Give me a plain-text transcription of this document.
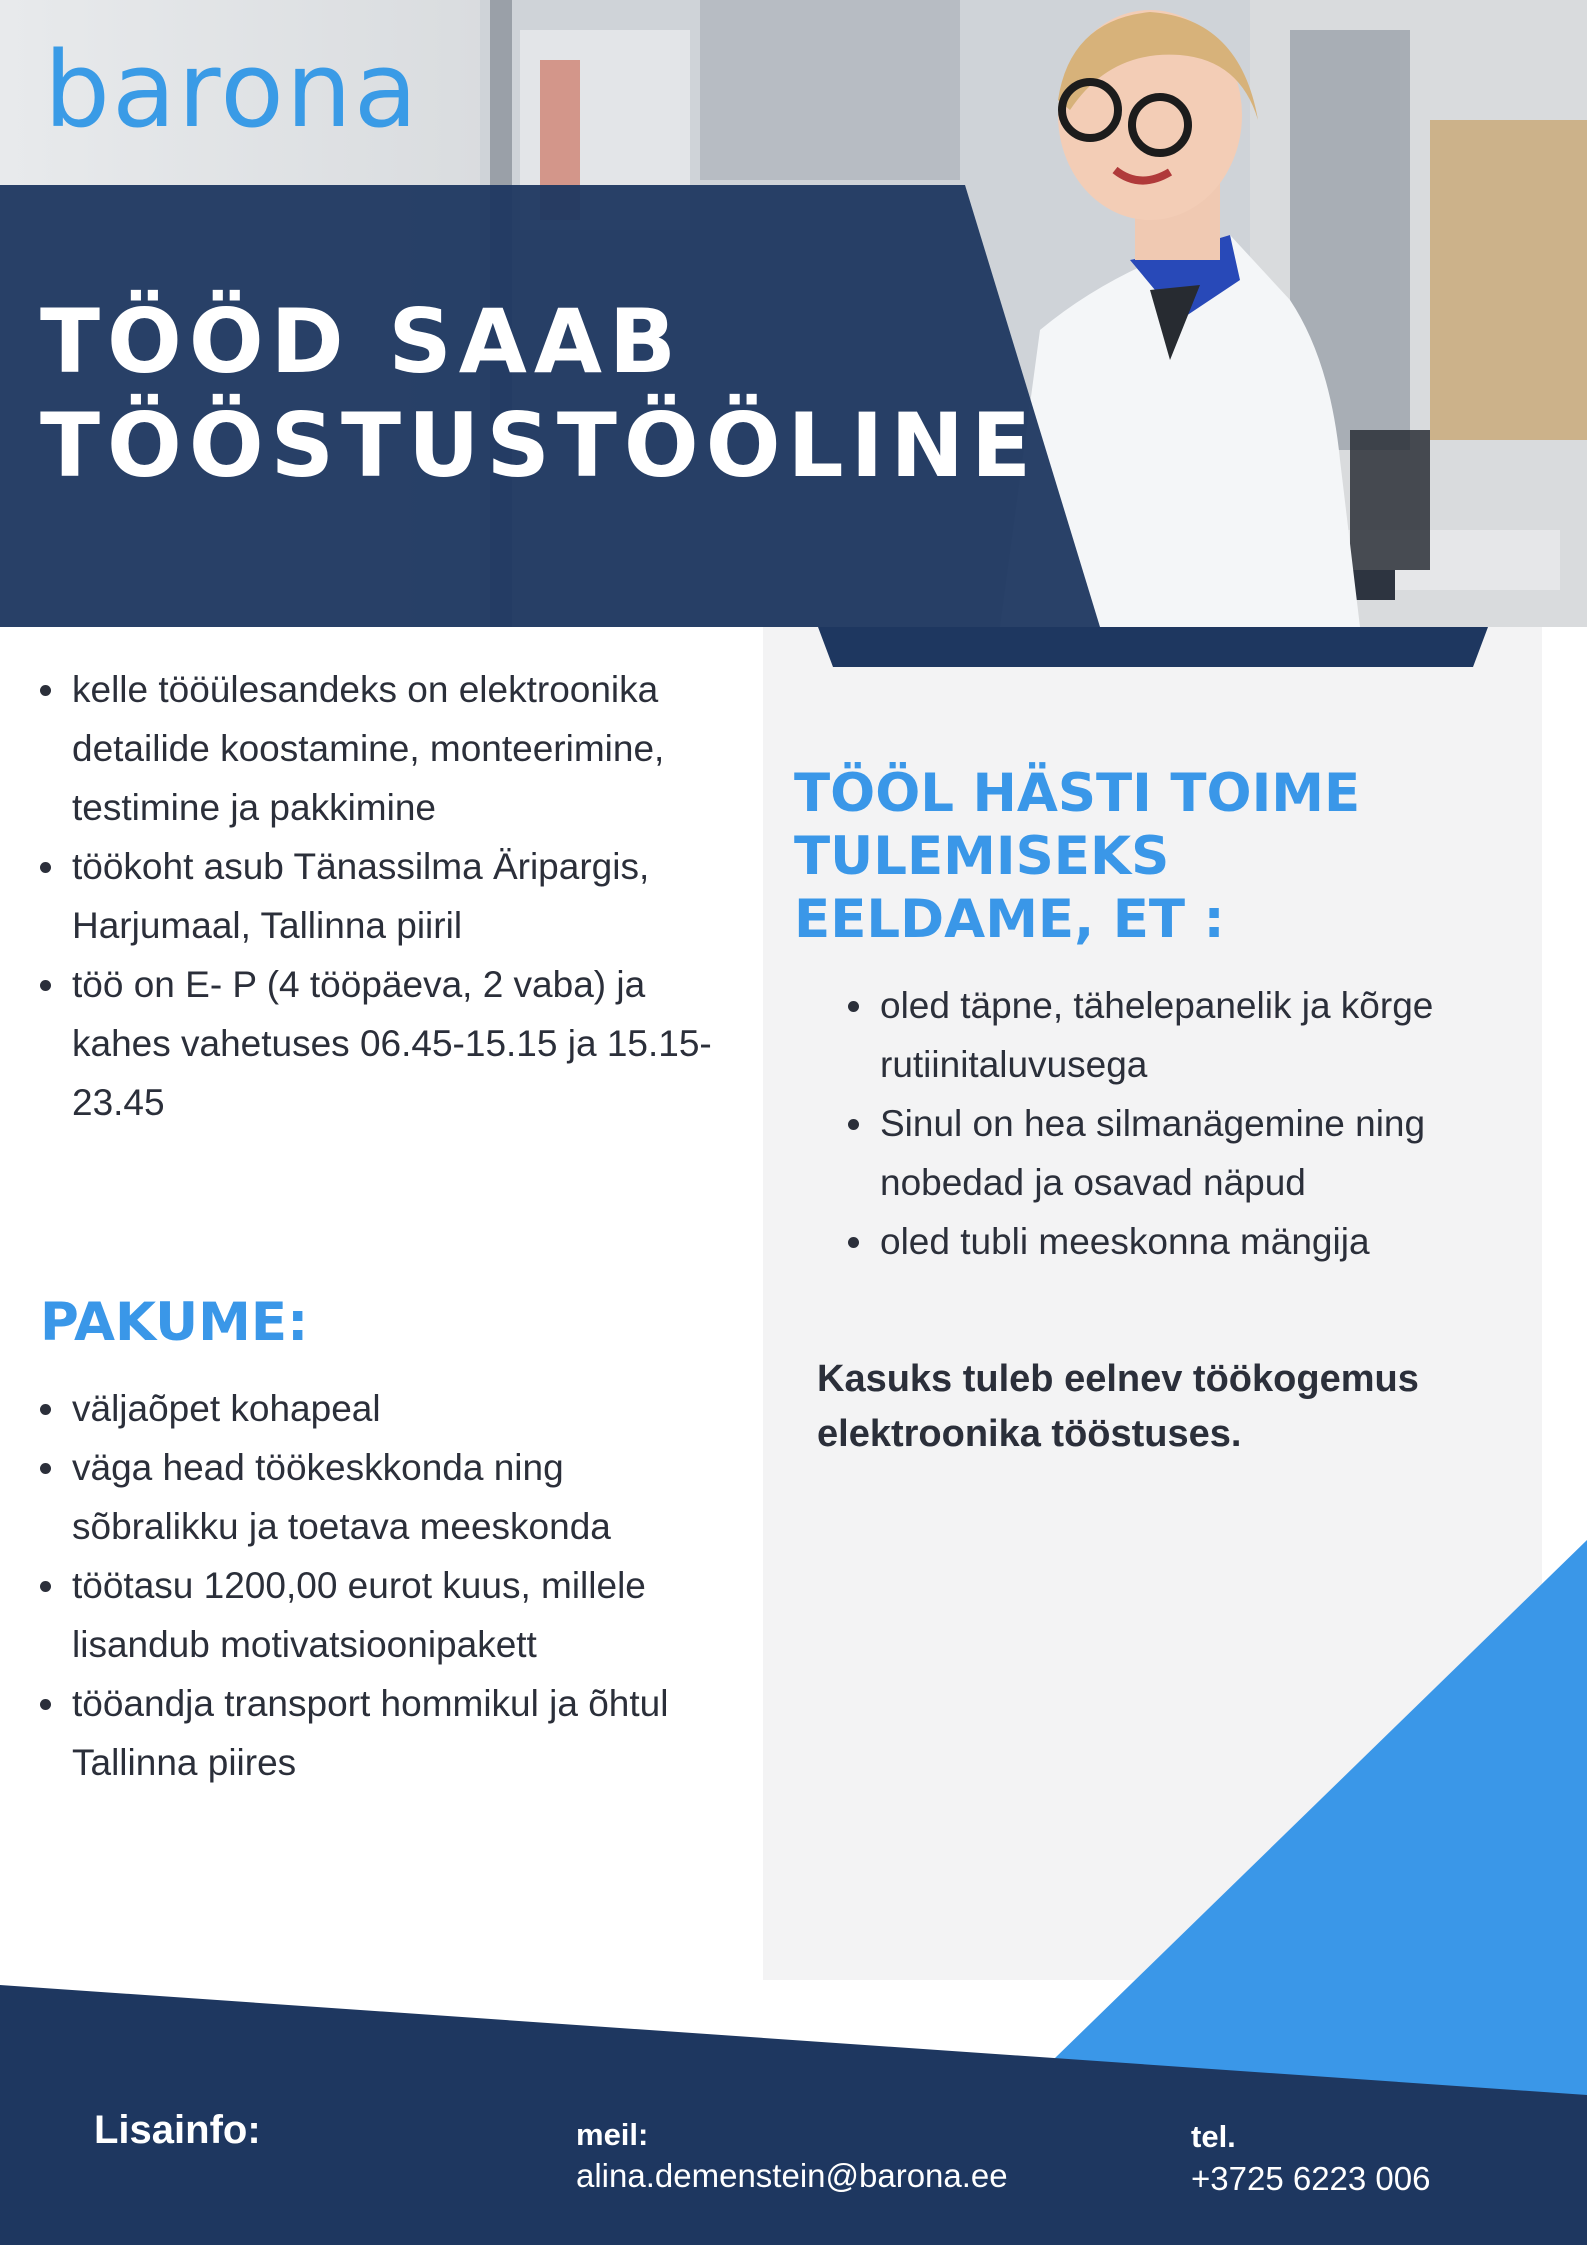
barona
TÖÖD SAAB
TÖÖSTUSTÖÖLINE
kelle tööülesandeks on elektroonika detailide koostamine, monteerimine, testimine ja pakkimine
töökoht asub Tänassilma Äripargis, Harjumaal, Tallinna piiril
töö on E- P (4 tööpäeva, 2 vaba) ja kahes vahetuses 06.45-15.15 ja 15.15-23.45
PAKUME:
väljaõpet kohapeal
väga head töökeskkonda ning sõbralikku ja toetava meeskonda
töötasu 1200,00 eurot kuus, millele lisandub motivatsioonipakett
tööandja transport hommikul ja õhtul Tallinna piires
TÖÖL HÄSTI TOIME
TULEMISEKS
EELDAME, ET :
oled täpne, tähelepanelik ja kõrge rutiinitaluvusega
Sinul on hea silmanägemine ning nobedad ja osavad näpud
oled tubli meeskonna mängija

Kasuks tuleb eelnev töökogemus
elektroonika tööstuses.

Lisainfo:	meil:
alina.demenstein@barona.ee
tel.
+3725 6223 006
